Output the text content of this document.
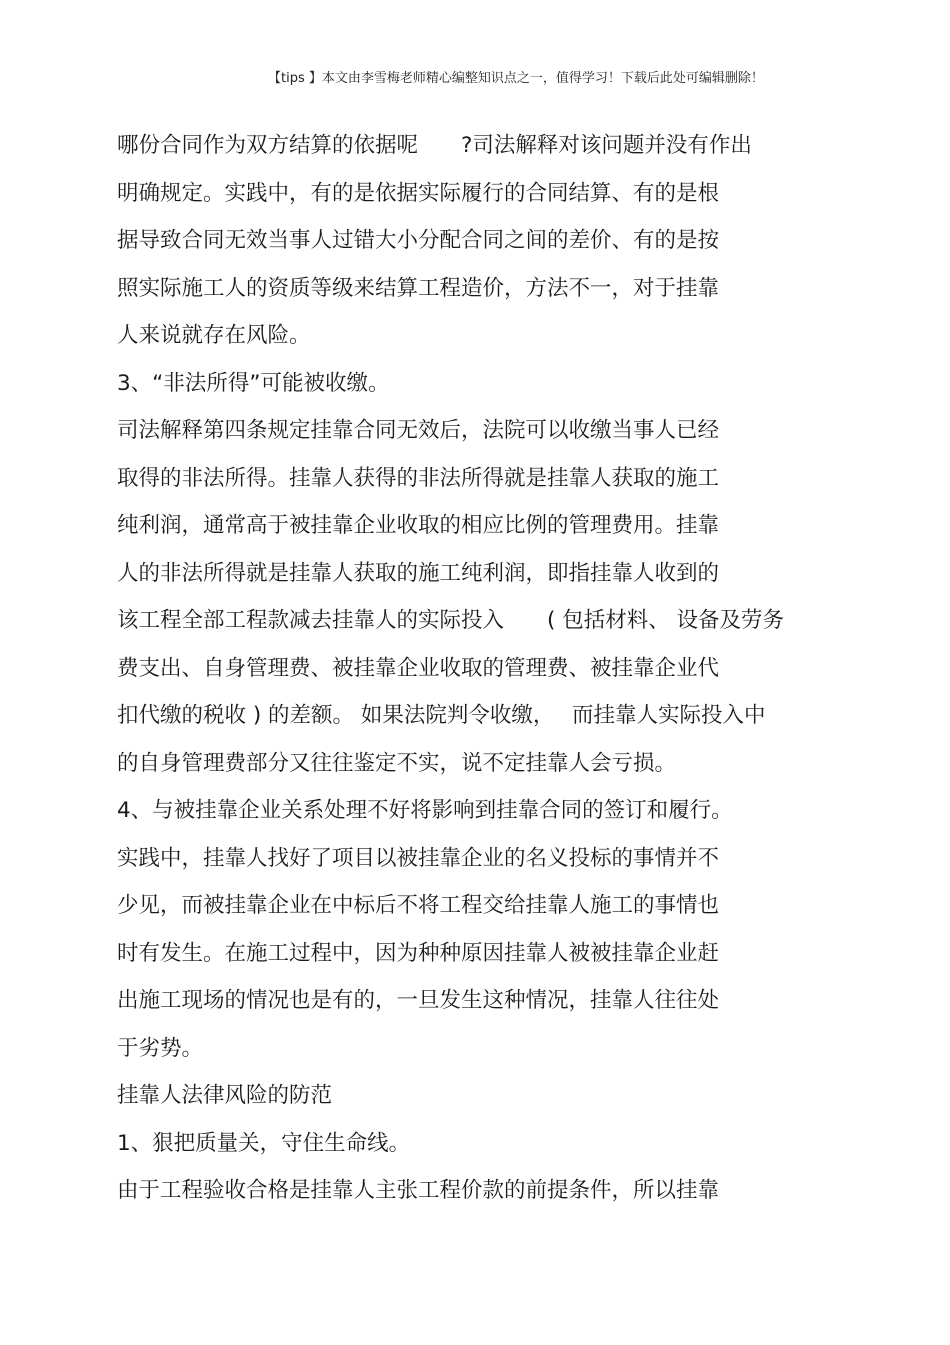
【tips 】本文由李雪梅老师精心编整知识点之一，值得学习！下载后此处可编辑删除！
哪份合同作为双方结算的依据呢　　?司法解释对该问题并没有作出
明确规定。实践中，有的是依据实际履行的合同结算、有的是根
据导致合同无效当事人过错大小分配合同之间的差价、有的是按
照实际施工人的资质等级来结算工程造价，方法不一，对于挂靠
人来说就存在风险。
3、“非法所得”可能被收缴。
司法解释第四条规定挂靠合同无效后，法院可以收缴当事人已经
取得的非法所得。挂靠人获得的非法所得就是挂靠人获取的施工
纯利润，通常高于被挂靠企业收取的相应比例的管理费用。挂靠
人的非法所得就是挂靠人获取的施工纯利润，即指挂靠人收到的
该工程全部工程款减去挂靠人的实际投入　　( 包括材料、 设备及劳务
费支出、自身管理费、被挂靠企业收取的管理费、被挂靠企业代
扣代缴的税收 ) 的差额。 如果法院判令收缴，　 而挂靠人实际投入中
的自身管理费部分又往往鉴定不实，说不定挂靠人会亏损。
4、与被挂靠企业关系处理不好将影响到挂靠合同的签订和履行。
实践中，挂靠人找好了项目以被挂靠企业的名义投标的事情并不
少见，而被挂靠企业在中标后不将工程交给挂靠人施工的事情也
时有发生。在施工过程中，因为种种原因挂靠人被被挂靠企业赶
出施工现场的情况也是有的，一旦发生这种情况，挂靠人往往处
于劣势。
挂靠人法律风险的防范
1、狠把质量关，守住生命线。
由于工程验收合格是挂靠人主张工程价款的前提条件，所以挂靠
